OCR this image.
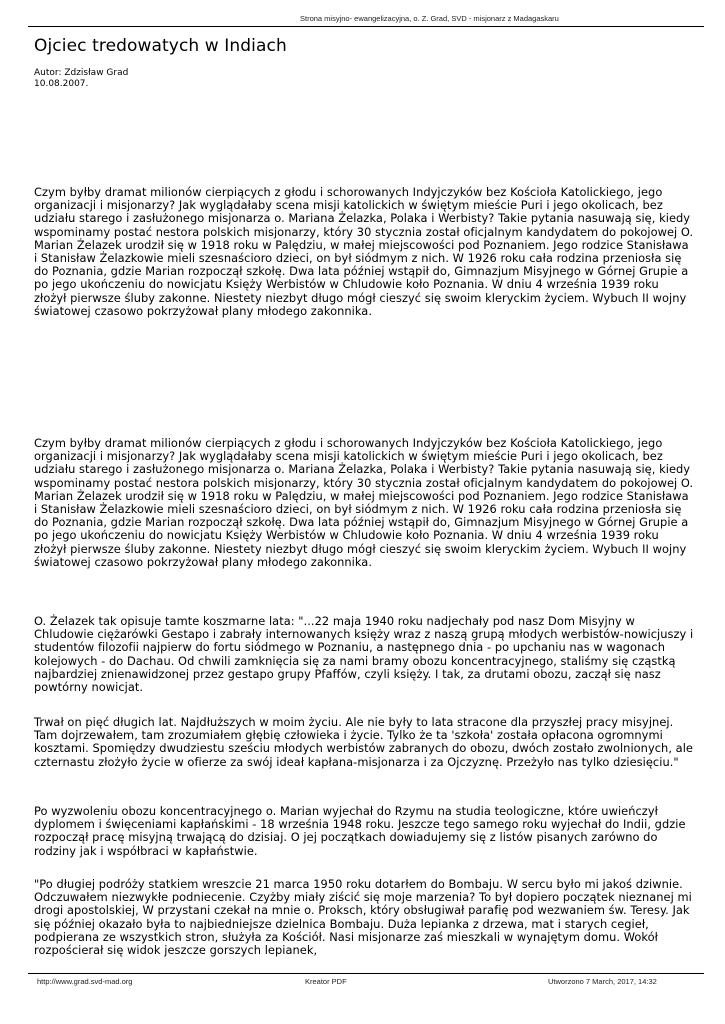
Strona misyjno- ewangelizacyjna, o. Z. Grad, SVD - misjonarz z Madagaskaru
Ojciec tredowatych w Indiach
Autor: Zdzisław Grad
10.08.2007.

Czym byłby dramat milionów cierpiących z głodu i schorowanych Indyjczyków bez Kościoła Katolickiego, jego organizacji i misjonarzy? Jak wyglądałaby scena misji katolickich w świętym mieście Puri i jego okolicach, bez udziału starego i zasłużonego misjonarza o. Mariana Żelazka, Polaka i Werbisty? Takie pytania nasuwają się, kiedy wspominamy postać nestora polskich misjonarzy, który 30 stycznia został oficjalnym kandydatem do pokojowej O. Marian Żelazek urodził się w 1918 roku w Palędziu, w małej miejscowości pod Poznaniem. Jego rodzice Stanisława i Stanisław Żelazkowie mieli szesnaścioro dzieci, on był siódmym z nich. W 1926 roku cała rodzina przeniosła się do Poznania, gdzie Marian rozpoczął szkołę. Dwa lata później wstąpił do, Gimnazjum Misyjnego w Górnej Grupie a po jego ukończeniu do nowicjatu Księży Werbistów w Chludowie koło Poznania. W dniu 4 września 1939 roku złożył pierwsze śluby zakonne. Niestety niezbyt długo mógł cieszyć się swoim kleryckim życiem. Wybuch II wojny światowej czasowo pokrzyżował plany młodego zakonnika.

Czym byłby dramat milionów cierpiących z głodu i schorowanych Indyjczyków bez Kościoła Katolickiego, jego organizacji i misjonarzy? Jak wyglądałaby scena misji katolickich w świętym mieście Puri i jego okolicach, bez udziału starego i zasłużonego misjonarza o. Mariana Żelazka, Polaka i Werbisty? Takie pytania nasuwają się, kiedy wspominamy postać nestora polskich misjonarzy, który 30 stycznia został oficjalnym kandydatem do pokojowej O. Marian Żelazek urodził się w 1918 roku w Palędziu, w małej miejscowości pod Poznaniem. Jego rodzice Stanisława i Stanisław Żelazkowie mieli szesnaścioro dzieci, on był siódmym z nich. W 1926 roku cała rodzina przeniosła się do Poznania, gdzie Marian rozpoczął szkołę. Dwa lata później wstąpił do, Gimnazjum Misyjnego w Górnej Grupie a po jego ukończeniu do nowicjatu Księży Werbistów w Chludowie koło Poznania. W dniu 4 września 1939 roku złożył pierwsze śluby zakonne. Niestety niezbyt długo mógł cieszyć się swoim kleryckim życiem. Wybuch II wojny światowej czasowo pokrzyżował plany młodego zakonnika.

O. Żelazek tak opisuje tamte koszmarne lata: "...22 maja 1940 roku nadjechały pod nasz Dom Misyjny w Chludowie ciężarówki Gestapo i zabrały internowanych księży wraz z naszą grupą młodych werbistów-nowicjuszy i studentów filozofii najpierw do fortu siódmego w Poznaniu, a następnego dnia - po upchaniu nas w wagonach kolejowych - do Dachau. Od chwili zamknięcia się za nami bramy obozu koncentracyjnego, staliśmy się cząstką najbardziej znienawidzonej przez gestapo grupy Pfaffów, czyli księży. I tak, za drutami obozu, zaczął się nasz powtórny nowicjat.

Trwał on pięć długich lat. Najdłuższych w moim życiu. Ale nie były to lata stracone dla przyszłej pracy misyjnej. Tam dojrzewałem, tam zrozumiałem głębię człowieka i życie. Tylko że ta 'szkoła' została opłacona ogromnymi kosztami. Spomiędzy dwudziestu sześciu młodych werbistów zabranych do obozu, dwóch zostało zwolnionych, ale czternastu złożyło życie w ofierze za swój ideał kapłana-misjonarza i za Ojczyznę. Przeżyło nas tylko dziesięciu."

Po wyzwoleniu obozu koncentracyjnego o. Marian wyjechał do Rzymu na studia teologiczne, które uwieńczył dyplomem i święceniami kapłańskimi - 18 września 1948 roku. Jeszcze tego samego roku wyjechał do Indii, gdzie rozpoczął pracę misyjną trwającą do dzisiaj. O jej początkach dowiadujemy się z listów pisanych zarówno do rodziny jak i współbraci w kapłaństwie.

"Po długiej podróży statkiem wreszcie 21 marca 1950 roku dotarłem do Bombaju. W sercu było mi jakoś dziwnie. Odczuwałem niezwykłe podniecenie. Czyżby miały ziścić się moje marzenia? To był dopiero początek nieznanej mi drogi apostolskiej, W przystani czekał na mnie o. Proksch, który obsługiwał parafię pod wezwaniem św. Teresy. Jak się później okazało była to najbiedniejsze dzielnica Bombaju. Duża lepianka z drzewa, mat i starych cegieł, podpierana ze wszystkich stron, służyła za Kościół. Nasi misjonarze zaś mieszkali w wynajętym domu. Wokół rozpościerał się widok jeszcze gorszych lepianek,

http://www.grad.svd-mad.org	Kreator PDF	Utworzono 7 March, 2017, 14:32
